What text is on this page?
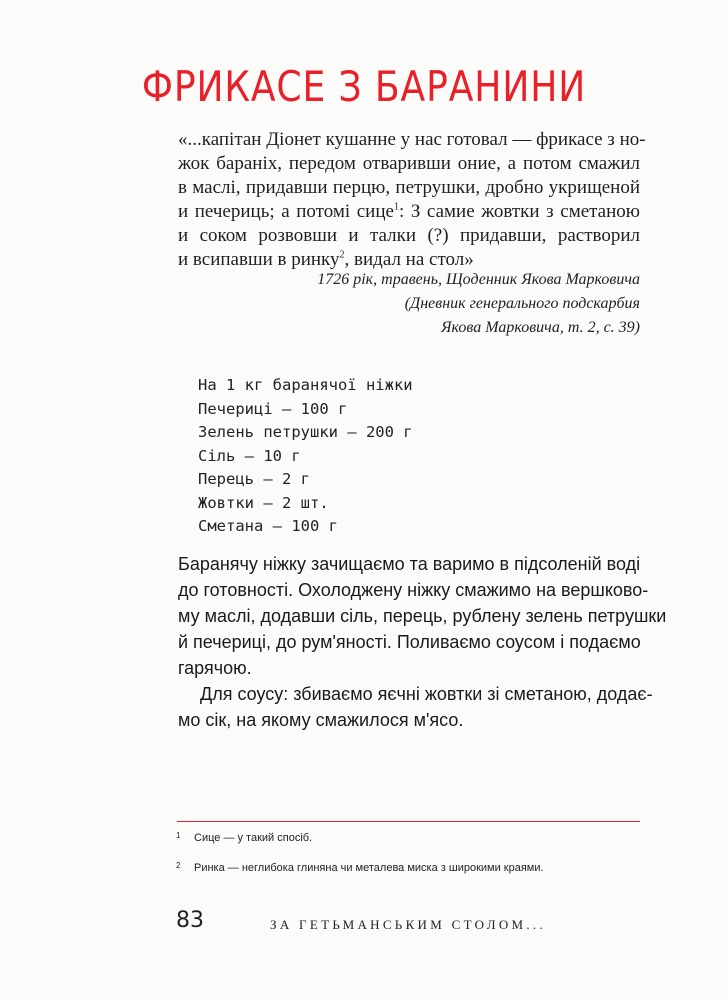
ФРИКАСЕ З БАРАНИНИ
«...капітан Діонет кушанне у нас готовал — фрикасе з но-
жок бараніх, передом отваривши оние, а потом смажил
в маслі, придавши перцю, петрушки, дробно укрищеной
и печериць; а потомі сице$^1$: З самие жовтки з сметаною
и соком розвовши и талки (?) придавши, растворил
и всипавши в ринку$^2$, видал на стол»
1726 рік, травень, Щоденник Якова Марковича
(Дневник генерального подскарбия
Якова Марковича, т. 2, с. 39)
На 1 кг баранячої ніжки
Печериці — 100 г
Зелень петрушки — 200 г
Сіль — 10 г
Перець — 2 г
Жовтки — 2 шт.
Сметана — 100 г
Баранячу ніжку зачищаємо та варимо в підсоленій воді
до готовності. Охолоджену ніжку смажимо на вершково-
му маслі, додавши сіль, перець, рублену зелень петрушки
й печериці, до рум'яності. Поливаємо соусом і подаємо
гарячою.
Для соусу: збиваємо яєчні жовтки зі сметаною, додає-
мо сік, на якому смажилося м'ясо.
1 Сице — у такий спосіб.
2 Ринка — неглибока глиняна чи металева миска з широкими краями.
83	ЗА ГЕТЬМАНСЬКИМ СТОЛОМ...
